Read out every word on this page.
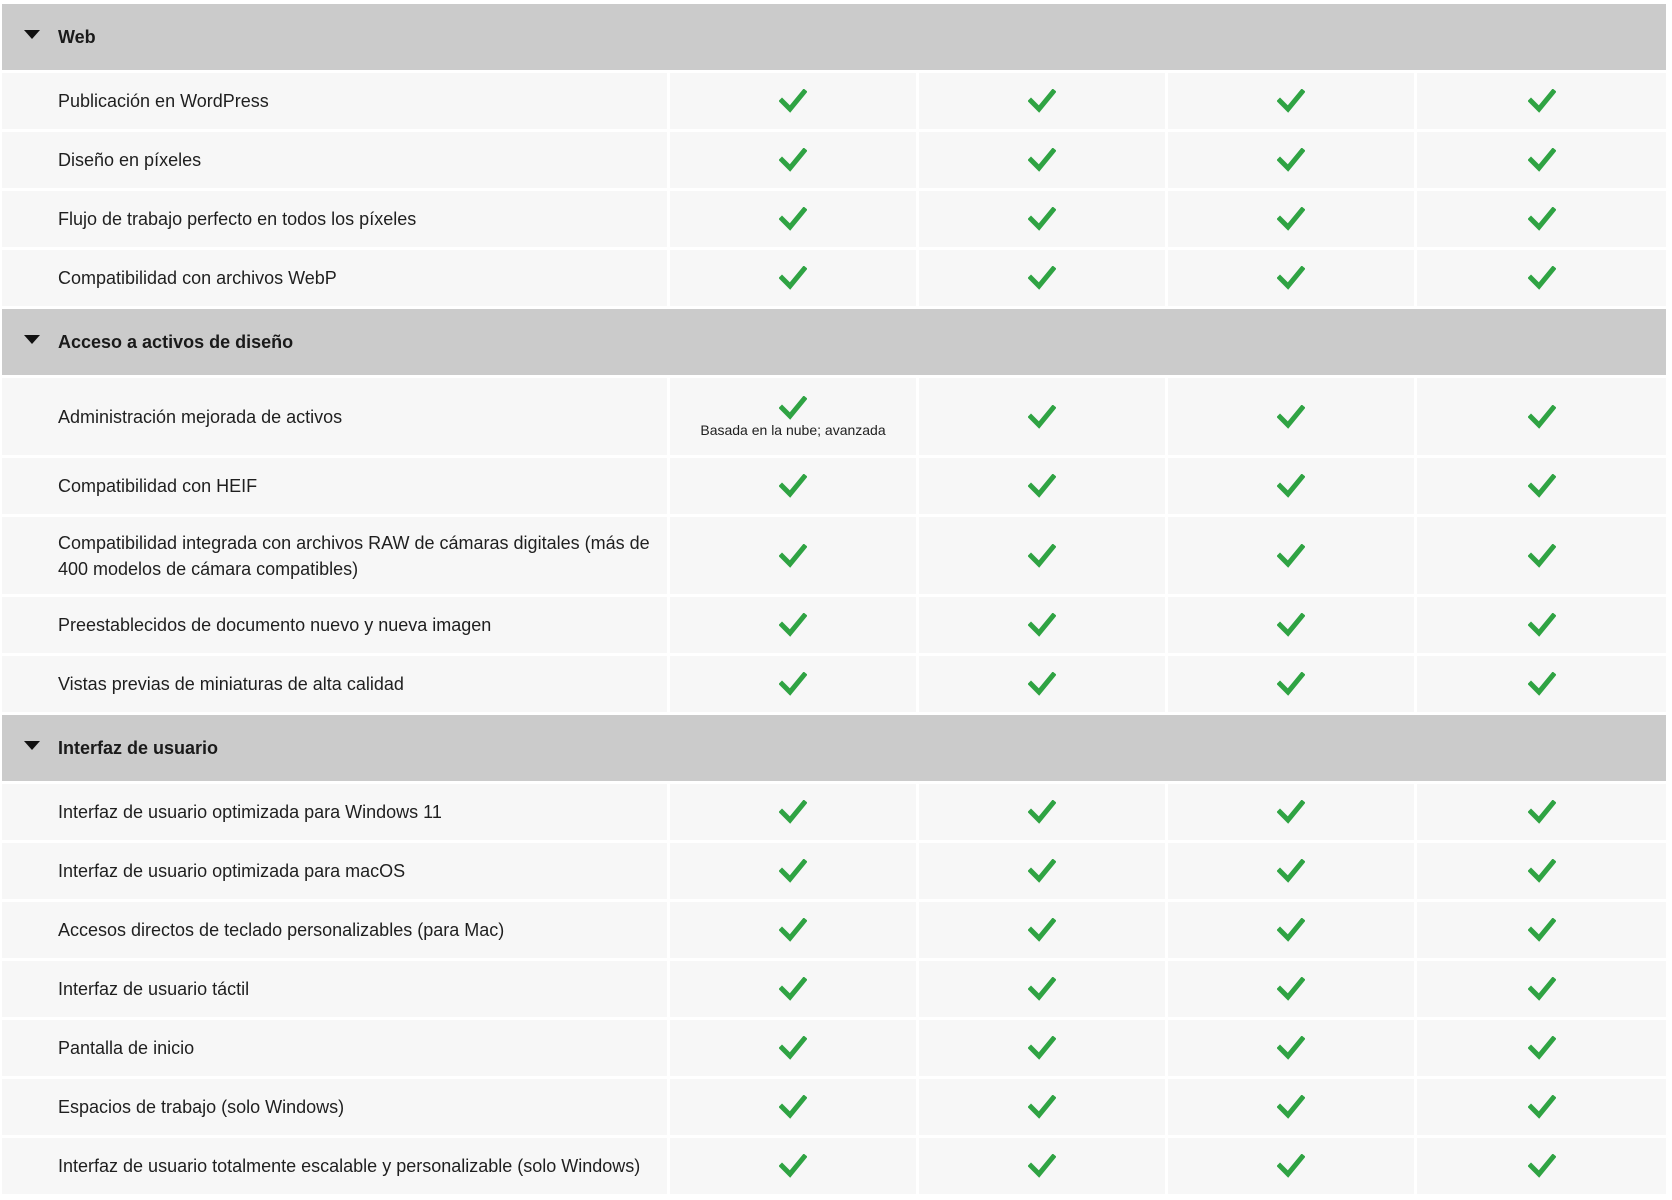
Web
Publicación en WordPress
Diseño en píxeles
Flujo de trabajo perfecto en todos los píxeles
Compatibilidad con archivos WebP
Acceso a activos de diseño
Administración mejorada de activos
Basada en la nube; avanzada
Compatibilidad con HEIF
Compatibilidad integrada con archivos RAW de cámaras digitales (más de 400 modelos de cámara compatibles)
Preestablecidos de documento nuevo y nueva imagen
Vistas previas de miniaturas de alta calidad
Interfaz de usuario
Interfaz de usuario optimizada para Windows 11
Interfaz de usuario optimizada para macOS
Accesos directos de teclado personalizables (para Mac)
Interfaz de usuario táctil
Pantalla de inicio
Espacios de trabajo (solo Windows)
Interfaz de usuario totalmente escalable y personalizable (solo Windows)
